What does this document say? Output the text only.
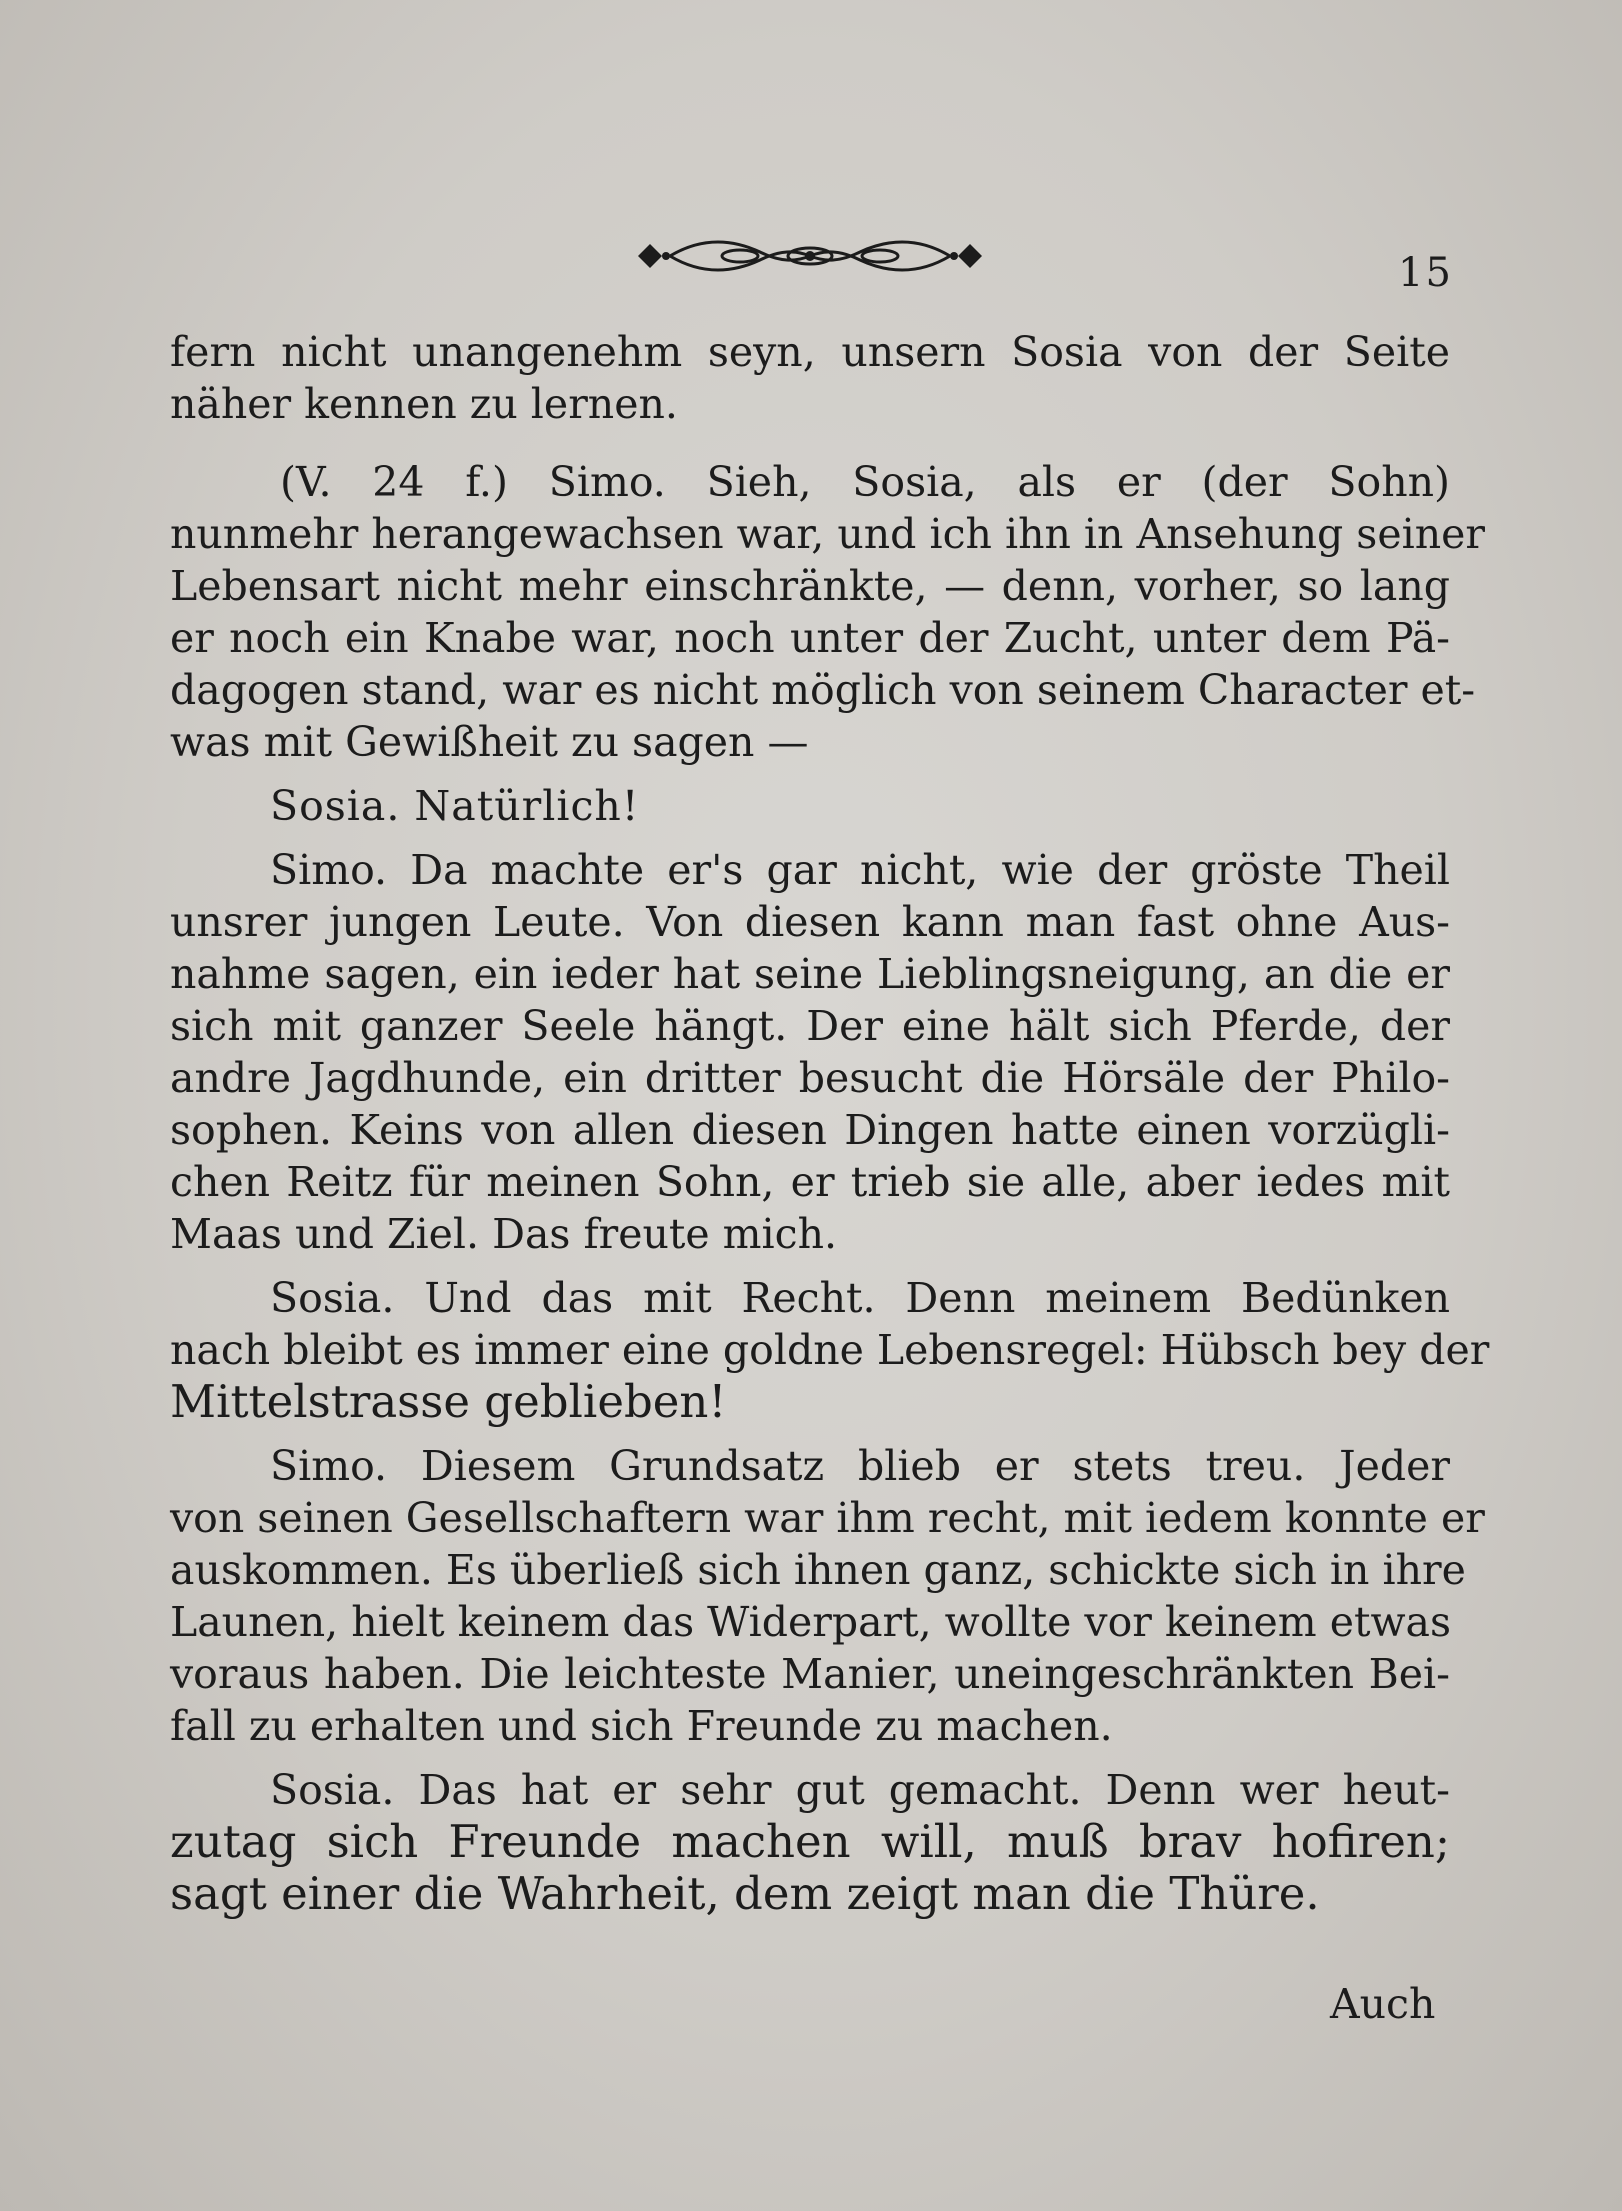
15
fern nicht unangenehm seyn, unsern Sosia von der Seite
näher kennen zu lernen.
(V. 24 f.) Simo. Sieh, Sosia, als er (der Sohn)
nunmehr herangewachsen war, und ich ihn in Ansehung seiner
Lebensart nicht mehr einschränkte, — denn, vorher, so lang
er noch ein Knabe war, noch unter der Zucht, unter dem Pä-
dagogen stand, war es nicht möglich von seinem Character et-
was mit Gewißheit zu sagen —
Sosia. Natürlich!
Simo. Da machte er's gar nicht, wie der gröste Theil
unsrer jungen Leute. Von diesen kann man fast ohne Aus-
nahme sagen, ein ieder hat seine Lieblingsneigung, an die er
sich mit ganzer Seele hängt. Der eine hält sich Pferde, der
andre Jagdhunde, ein dritter besucht die Hörsäle der Philo-
sophen. Keins von allen diesen Dingen hatte einen vorzügli-
chen Reitz für meinen Sohn, er trieb sie alle, aber iedes mit
Maas und Ziel. Das freute mich.
Sosia. Und das mit Recht. Denn meinem Bedünken
nach bleibt es immer eine goldne Lebensregel: Hübsch bey der
Mittelstrasse geblieben!
Simo. Diesem Grundsatz blieb er stets treu. Jeder
von seinen Gesellschaftern war ihm recht, mit iedem konnte er
auskommen. Es überließ sich ihnen ganz, schickte sich in ihre
Launen, hielt keinem das Widerpart, wollte vor keinem etwas
voraus haben. Die leichteste Manier, uneingeschränkten Bei-
fall zu erhalten und sich Freunde zu machen.
Sosia. Das hat er sehr gut gemacht. Denn wer heut-
zutag sich Freunde machen will, muß brav hofiren;
sagt einer die Wahrheit, dem zeigt man die Thüre.
Auch
